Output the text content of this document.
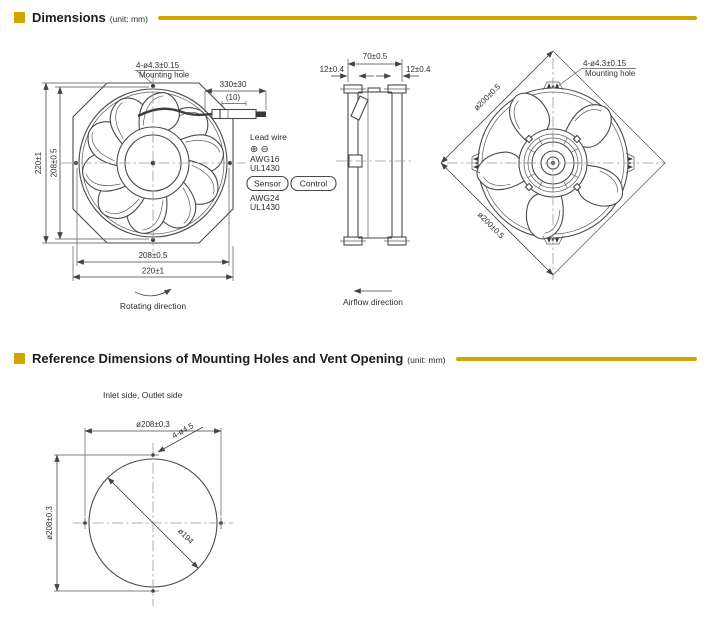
Dimensions (unit: mm)
4-ø4.3±0.15
Mounting hole
330±30
(10)
220±1 208±0.5
208±0.5
220±1
Rotating direction
Lead wire
⊕ ⊖
AWG16
UL1430
Sensor Control
AWG24
UL1430
70±0.5
12±0.4	12±0.4
Airflow direction
ø200±0.5
ø200±0.5
4-ø4.3±0.15
Mounting hole
Reference Dimensions of Mounting Holes and Vent Opening (unit: mm)
Inlet side, Outlet side
ø208±0.3
ø208±0.3
4-ø4.5
ø194
